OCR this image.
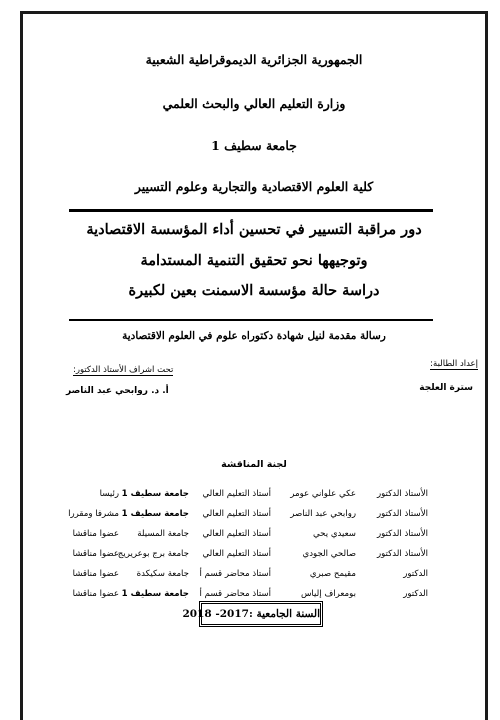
الجمهورية الجزائرية الديموقراطية الشعبية
وزارة التعليم العالي والبحث العلمي
جامعة سطيف 1
كلية العلوم الاقتصادية والتجارية وعلوم التسيير
دور مراقبة التسيير في تحسين أداء المؤسسة الاقتصادية
وتوجيهها نحو تحقيق التنمية المستدامة
دراسة حالة مؤسسة الاسمنت بعين لكبيرة
رسالة مقدمة لنيل شهادة دكتوراه علوم في العلوم الاقتصادية
إعداد الطالبة:
سترة العلجة
تحت اشراف الأستاذ الدكتور:
أ. د. روابحي عبد الناصر
لجنة المناقشة
الأستاذ الدكتور
عكي علواني عومر
أستاذ التعليم العالي
جامعة سطيف 1
رئيسا
الأستاذ الدكتور
روابحي عبد الناصر
أستاذ التعليم العالي
جامعة سطيف 1
مشرفا ومقررا
الأستاذ الدكتور
سعيدي يحي
أستاذ التعليم العالي
جامعة المسيلة
عضوا مناقشا
الأستاذ الدكتور
صالحي الجودي
أستاذ التعليم العالي
جامعة برج بوعريريج
عضوا مناقشا
الدكتور
مقيمح صبري
أستاذ محاضر قسم أ
جامعة سكيكدة
عضوا مناقشا
الدكتور
بومعراف إلياس
أستاذ محاضر قسم أ
جامعة سطيف 1
عضوا مناقشا
السنة الجامعية :2017- 2018
